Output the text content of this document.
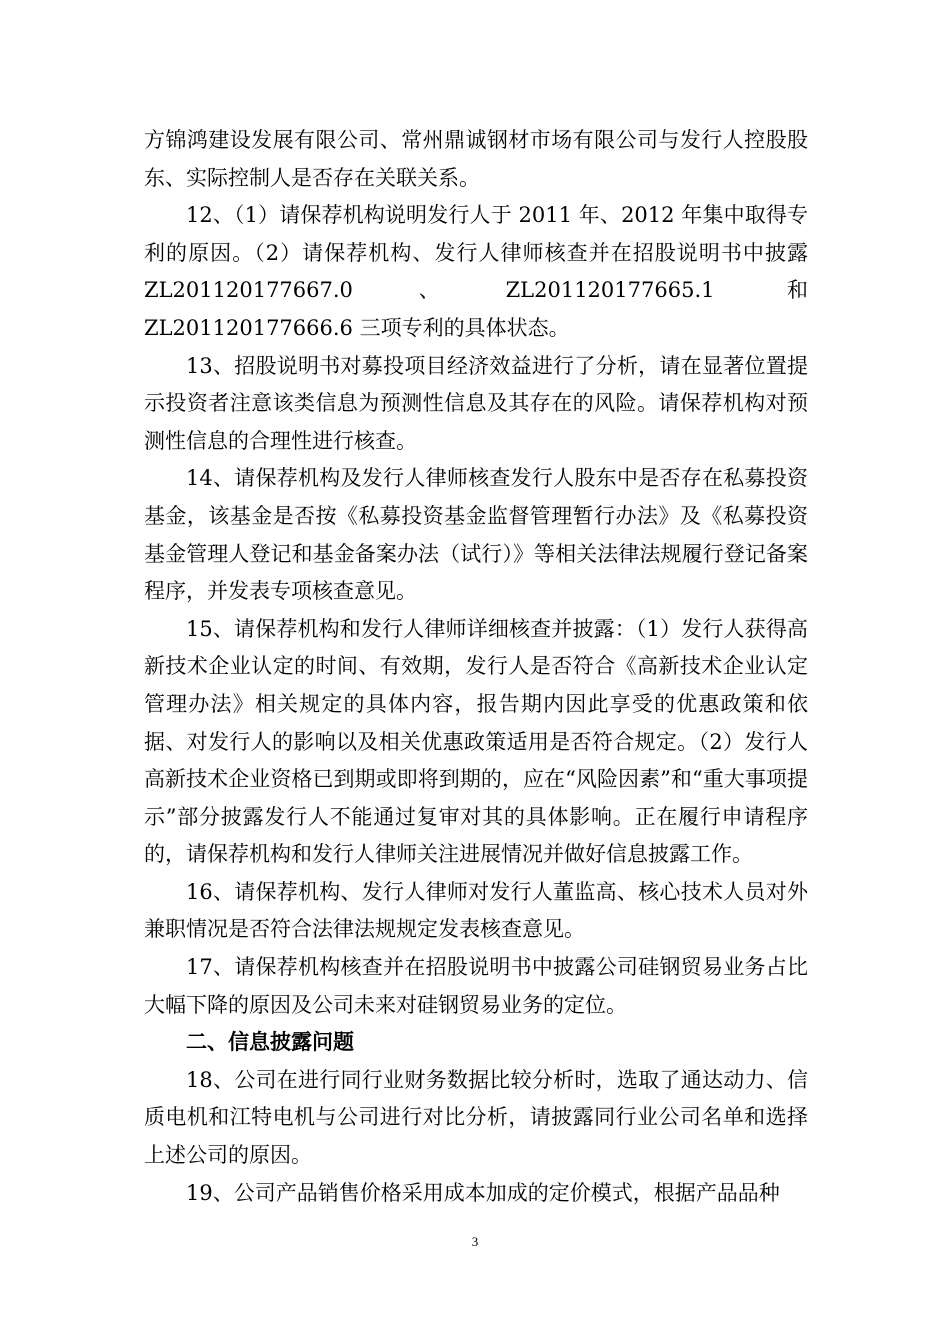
方锦鸿建设发展有限公司、常州鼎诚钢材市场有限公司与发行人控股股东、实际控制人是否存在关联关系。

12、（1）请保荐机构说明发行人于 2011 年、2012 年集中取得专利的原因。（2）请保荐机构、发行人律师核查并在招股说明书中披露 ZL201120177667.0、ZL201120177665.1 和 ZL201120177666.6 三项专利的具体状态。

13、招股说明书对募投项目经济效益进行了分析，请在显著位置提示投资者注意该类信息为预测性信息及其存在的风险。请保荐机构对预测性信息的合理性进行核查。

14、请保荐机构及发行人律师核查发行人股东中是否存在私募投资基金，该基金是否按《私募投资基金监督管理暂行办法》及《私募投资基金管理人登记和基金备案办法（试行）》等相关法律法规履行登记备案程序，并发表专项核查意见。

15、请保荐机构和发行人律师详细核查并披露：（1）发行人获得高新技术企业认定的时间、有效期，发行人是否符合《高新技术企业认定管理办法》相关规定的具体内容，报告期内因此享受的优惠政策和依据、对发行人的影响以及相关优惠政策适用是否符合规定。（2）发行人高新技术企业资格已到期或即将到期的，应在“风险因素”和“重大事项提示”部分披露发行人不能通过复审对其的具体影响。正在履行申请程序的，请保荐机构和发行人律师关注进展情况并做好信息披露工作。

16、请保荐机构、发行人律师对发行人董监高、核心技术人员对外兼职情况是否符合法律法规规定发表核查意见。

17、请保荐机构核查并在招股说明书中披露公司硅钢贸易业务占比大幅下降的原因及公司未来对硅钢贸易业务的定位。

二、信息披露问题

18、公司在进行同行业财务数据比较分析时，选取了通达动力、信质电机和江特电机与公司进行对比分析，请披露同行业公司名单和选择上述公司的原因。

19、公司产品销售价格采用成本加成的定价模式，根据产品品种

3
